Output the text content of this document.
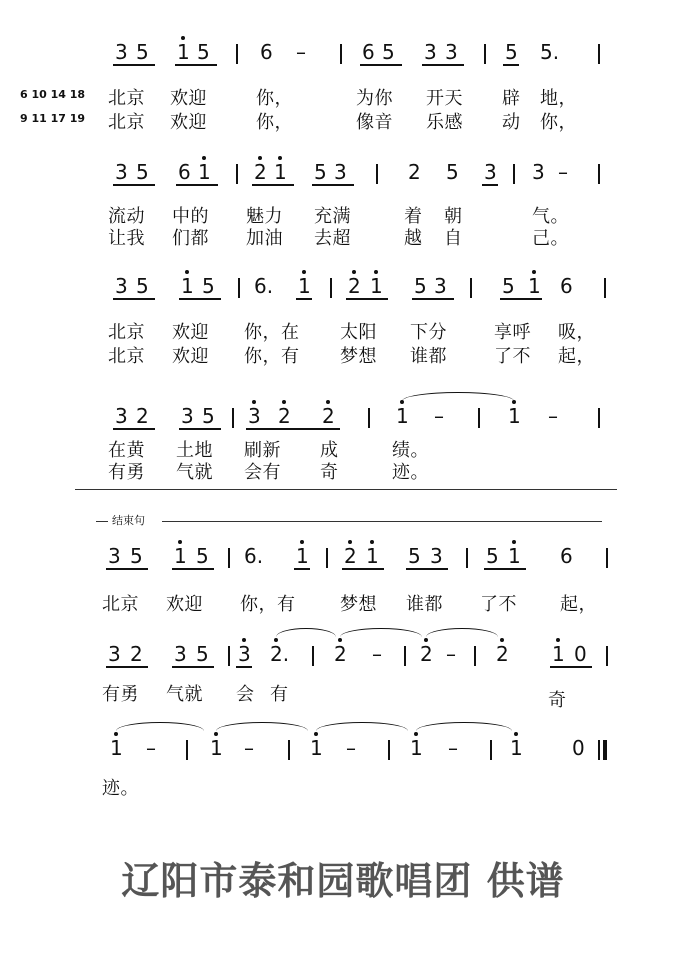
3 5 1 5	6 –	6 5 3 3 5 5.
6 10 14 18
9 11 17 19
北京 欢迎	你，	为你 开天 辟 地，
北京 欢迎	你，	像音 乐感 动 你，
3 5 6 1 2 1 5 3	2 5 3 3 –
流动 中的 魅力 充满	着 朝	气。
让我 们都 加油 去超	越 自	己。
3 5 1 5 6. 1 2 1 5 3	5 1 6
北京 欢迎 你，在 太阳 下分	享呼 吸，
北京 欢迎 你，有 梦想 谁都	了不 起，
3 2 3 5 3 2 2	1 –	1 –
在黄 土地 刷新 成	绩。
有勇 气就 会有 奇	迹。
结束句
3 5 1 5 6. 1 2 1 5 3 5 1 6
北京 欢迎 你，有 梦想 谁都 了不 起，
3 2 3 5 3 2. 2 – 2 – 2 1 0
有勇 气就 会 有	奇
1 –	1 –	1 –	1 –	1 0
迹。
辽阳市泰和园歌唱团 供谱
